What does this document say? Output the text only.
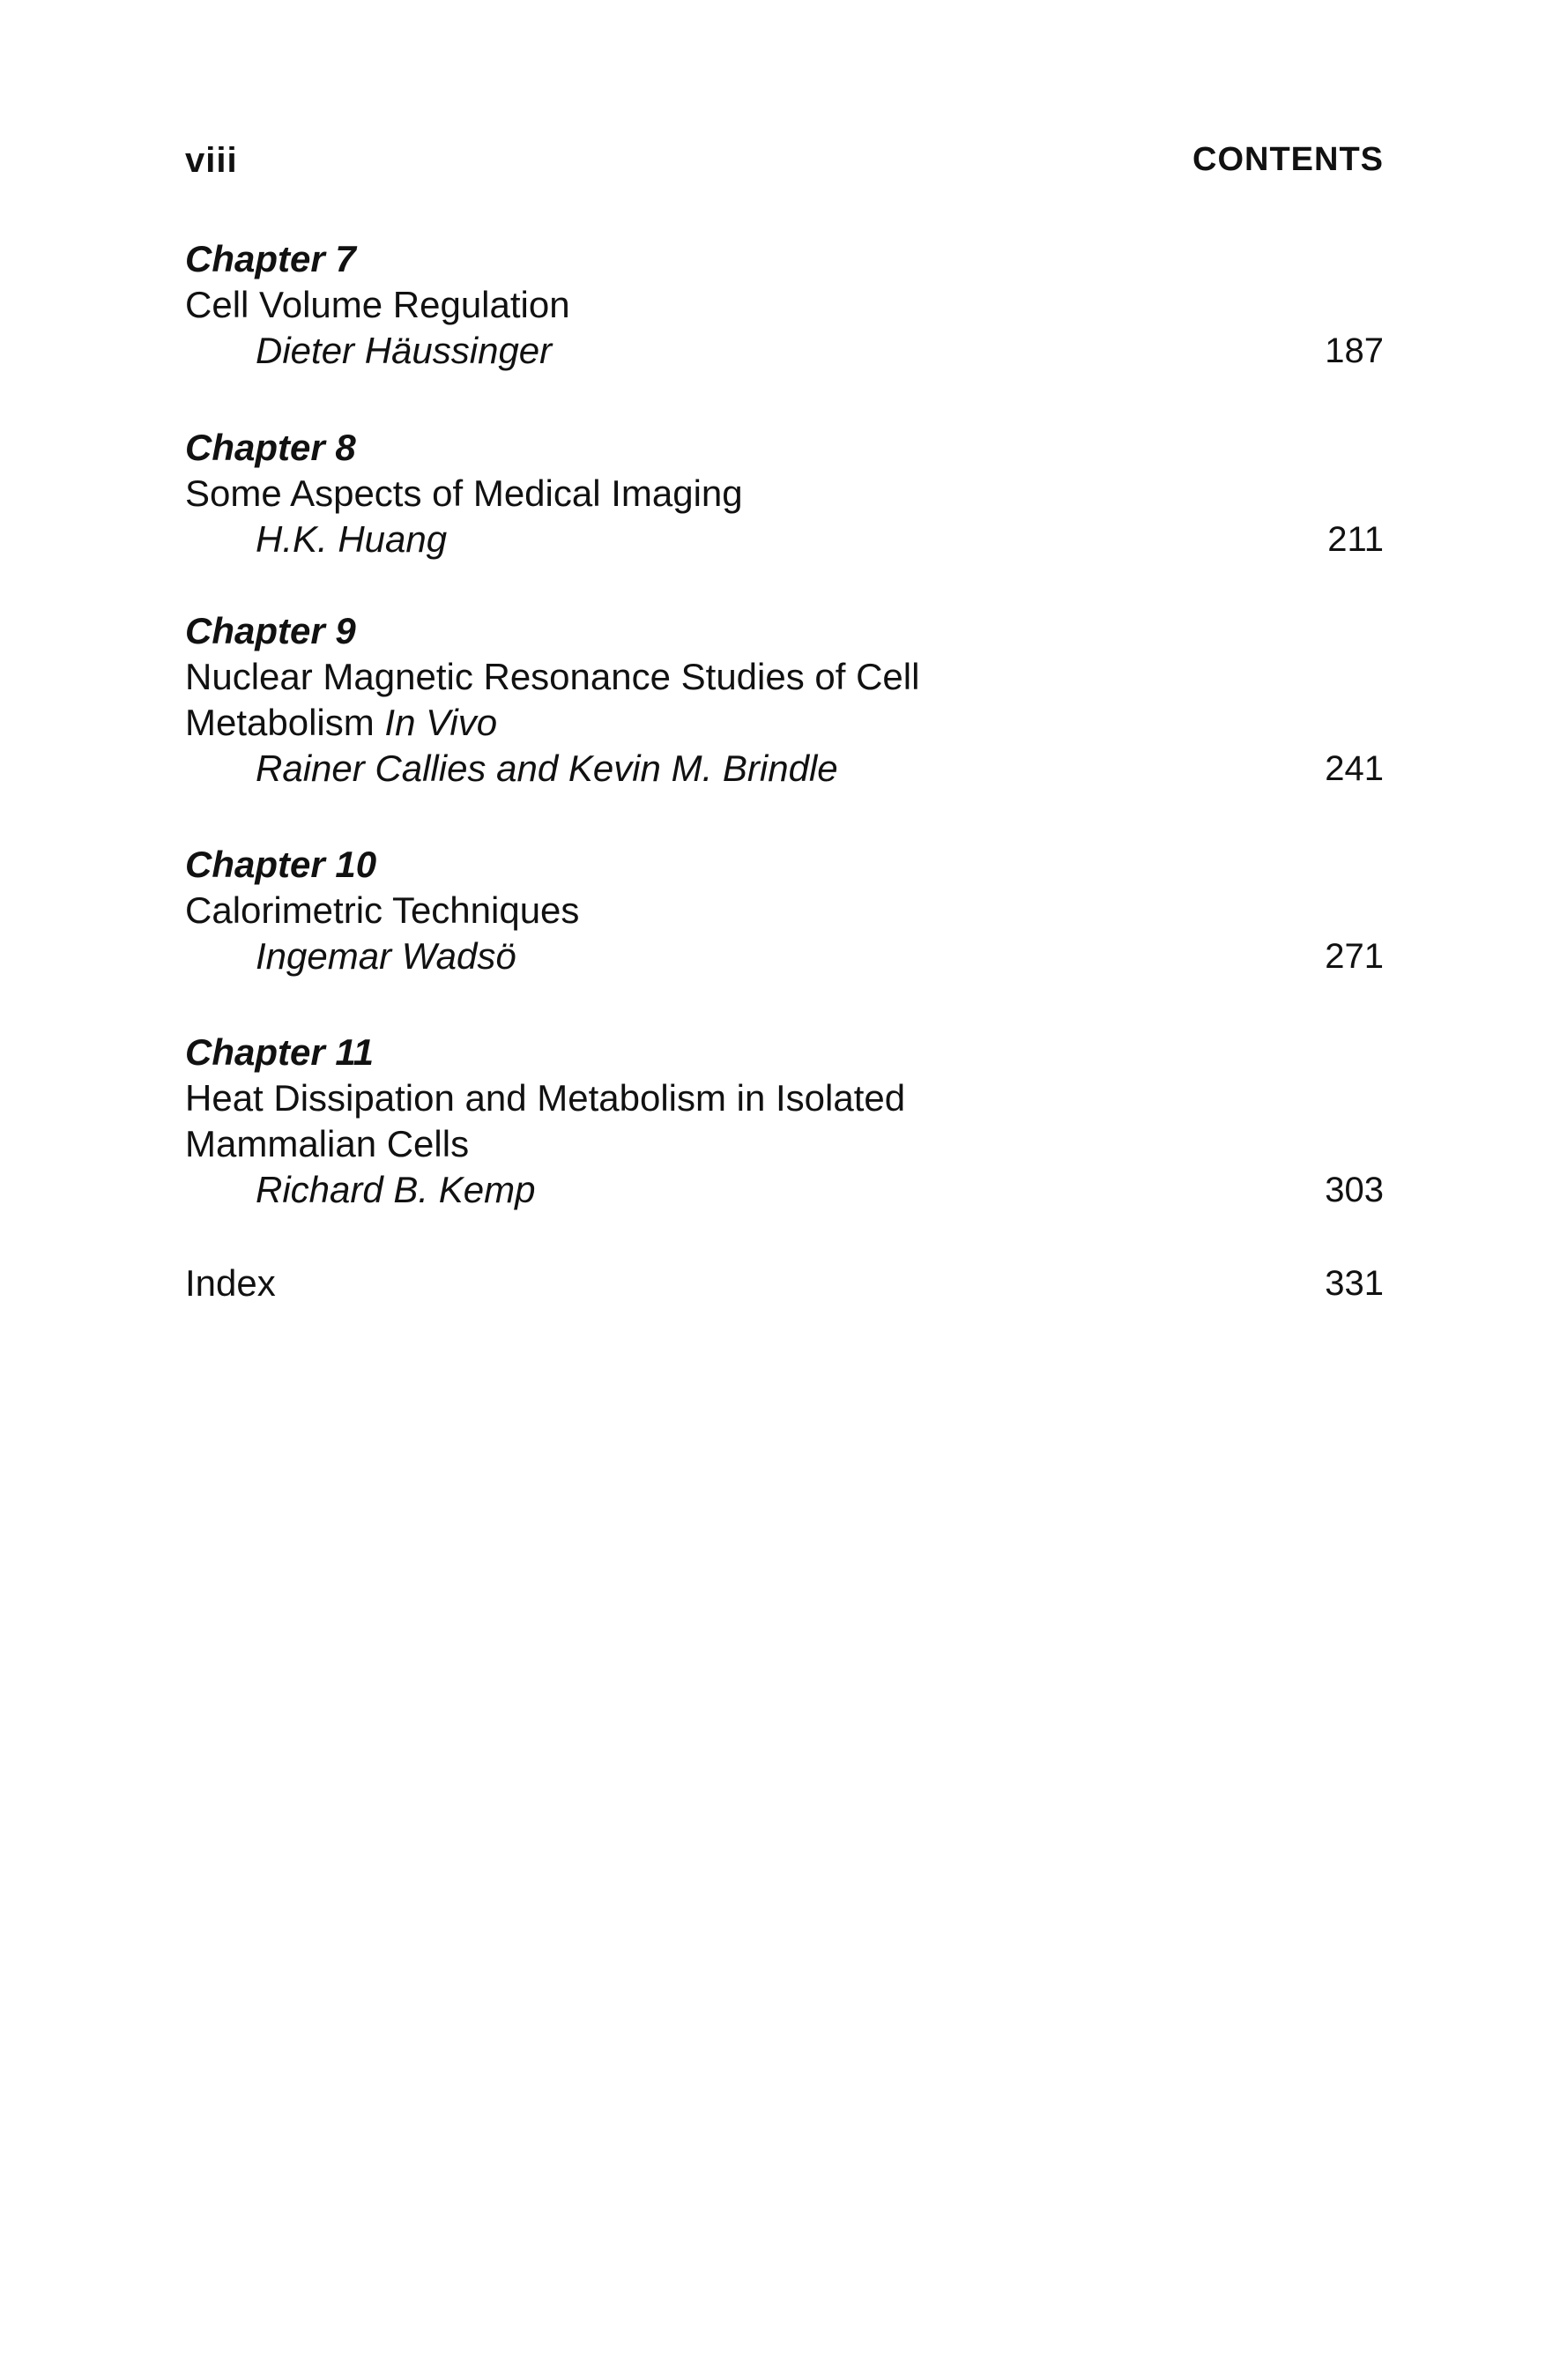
viii	CONTENTS
Chapter 7
Cell Volume Regulation
Dieter Häussinger	187
Chapter 8
Some Aspects of Medical Imaging
H.K. Huang	211
Chapter 9
Nuclear Magnetic Resonance Studies of Cell
Metabolism In Vivo
Rainer Callies and Kevin M. Brindle	241
Chapter 10
Calorimetric Techniques
Ingemar Wadsö	271
Chapter 11
Heat Dissipation and Metabolism in Isolated
Mammalian Cells
Richard B. Kemp	303
Index	331
